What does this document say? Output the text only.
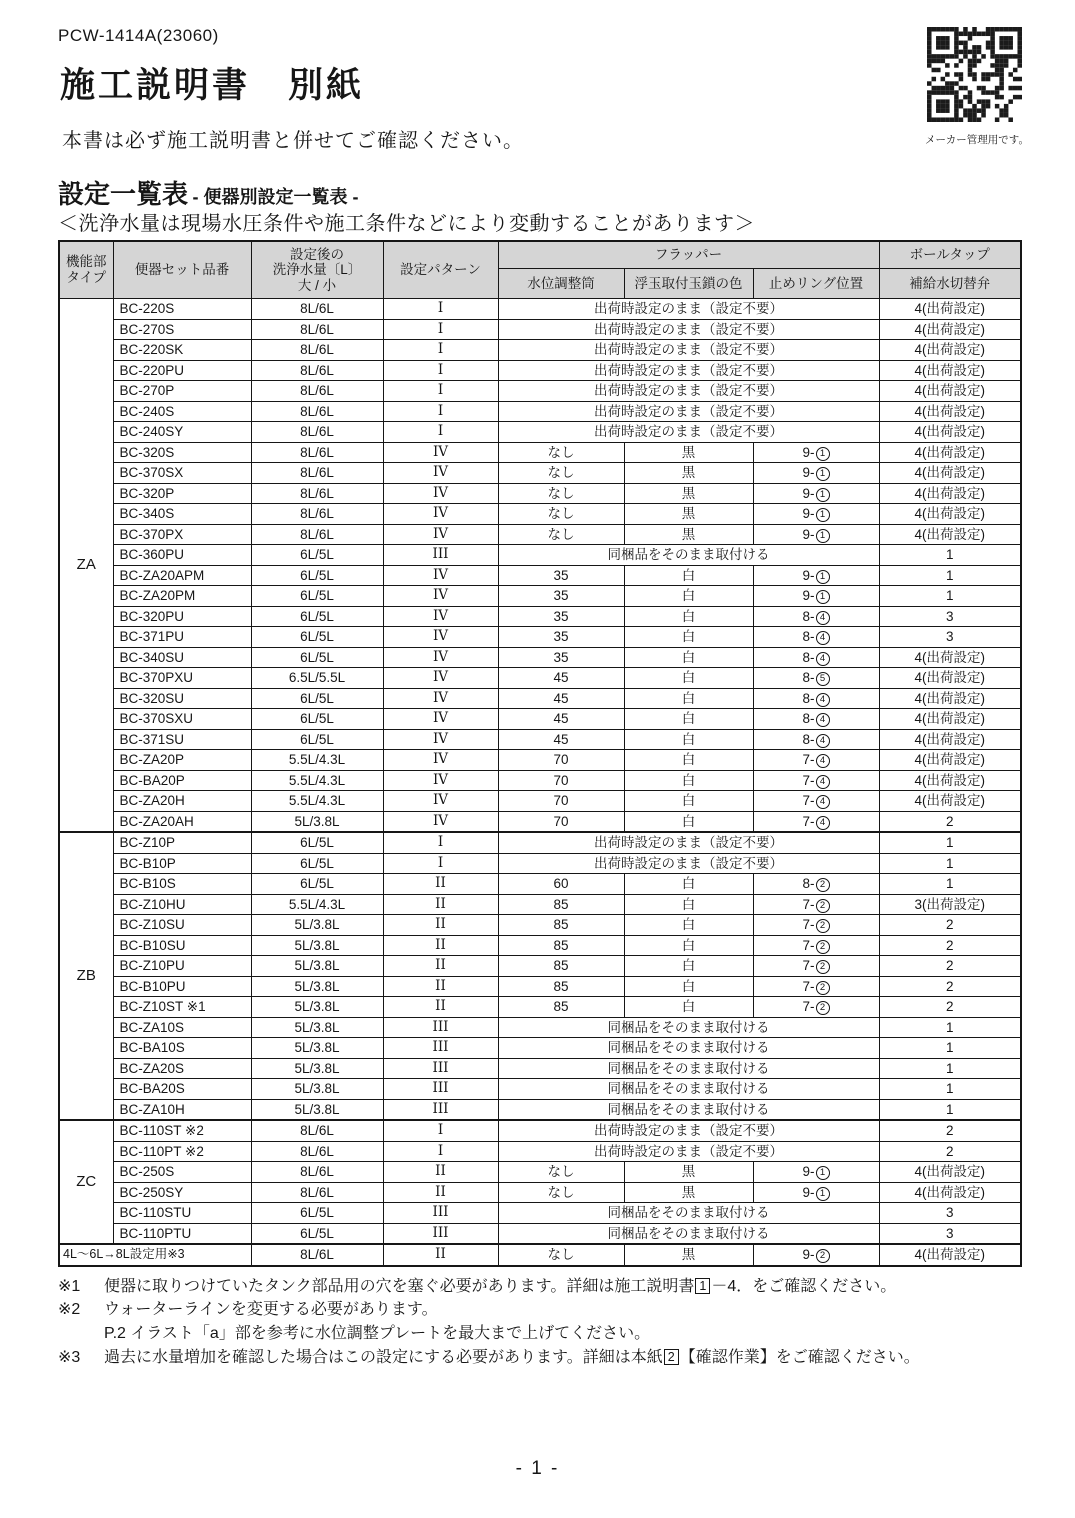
PCW-1414A(23060)
メーカー管理用です。
施工説明書　別紙
本書は必ず施工説明書と併せてご確認ください。
設定一覧表 - 便器別設定一覧表 -
＜洗浄水量は現場水圧条件や施工条件などにより変動することがあります＞
機能部
タイプ	便器セット品番	設定後の
洗浄水量〔L〕
大 / 小	設定パターン	フラッパー			ボールタップ
				水位調整筒	浮玉取付玉鎖の色	止めリング位置	補給水切替弁
ZA	BC-220S	8L/6L	I	出荷時設定のまま（設定不要）			4(出荷設定)
	BC-270S	8L/6L	I	出荷時設定のまま（設定不要）			4(出荷設定)
	BC-220SK	8L/6L	I	出荷時設定のまま（設定不要）			4(出荷設定)
	BC-220PU	8L/6L	I	出荷時設定のまま（設定不要）			4(出荷設定)
	BC-270P	8L/6L	I	出荷時設定のまま（設定不要）			4(出荷設定)
	BC-240S	8L/6L	I	出荷時設定のまま（設定不要）			4(出荷設定)
	BC-240SY	8L/6L	I	出荷時設定のまま（設定不要）			4(出荷設定)
	BC-320S	8L/6L	IV	なし	黒	9- 1	4(出荷設定)
	BC-370SX	8L/6L	IV	なし	黒	9- 1	4(出荷設定)
	BC-320P	8L/6L	IV	なし	黒	9- 1	4(出荷設定)
	BC-340S	8L/6L	IV	なし	黒	9- 1	4(出荷設定)
	BC-370PX	8L/6L	IV	なし	黒	9- 1	4(出荷設定)
	BC-360PU	6L/5L	III	同梱品をそのまま取付ける			1
	BC-ZA20APM	6L/5L	IV	35	白	9- 1	1
	BC-ZA20PM	6L/5L	IV	35	白	9- 1	1
	BC-320PU	6L/5L	IV	35	白	8- 4	3
	BC-371PU	6L/5L	IV	35	白	8- 4	3
	BC-340SU	6L/5L	IV	35	白	8- 4	4(出荷設定)
	BC-370PXU	6.5L/5.5L	IV	45	白	8- 5	4(出荷設定)
	BC-320SU	6L/5L	IV	45	白	8- 4	4(出荷設定)
	BC-370SXU	6L/5L	IV	45	白	8- 4	4(出荷設定)
	BC-371SU	6L/5L	IV	45	白	8- 4	4(出荷設定)
	BC-ZA20P	5.5L/4.3L	IV	70	白	7- 4	4(出荷設定)
	BC-BA20P	5.5L/4.3L	IV	70	白	7- 4	4(出荷設定)
	BC-ZA20H	5.5L/4.3L	IV	70	白	7- 4	4(出荷設定)
	BC-ZA20AH	5L/3.8L	IV	70	白	7- 4	2
ZB	BC-Z10P	6L/5L	I	出荷時設定のまま（設定不要）			1
	BC-B10P	6L/5L	I	出荷時設定のまま（設定不要）			1
	BC-B10S	6L/5L	II	60	白	8- 2	1
	BC-Z10HU	5.5L/4.3L	II	85	白	7- 2	3(出荷設定)
	BC-Z10SU	5L/3.8L	II	85	白	7- 2	2
	BC-B10SU	5L/3.8L	II	85	白	7- 2	2
	BC-Z10PU	5L/3.8L	II	85	白	7- 2	2
	BC-B10PU	5L/3.8L	II	85	白	7- 2	2
	BC-Z10ST ※1	5L/3.8L	II	85	白	7- 2	2
	BC-ZA10S	5L/3.8L	III	同梱品をそのまま取付ける			1
	BC-BA10S	5L/3.8L	III	同梱品をそのまま取付ける			1
	BC-ZA20S	5L/3.8L	III	同梱品をそのまま取付ける			1
	BC-BA20S	5L/3.8L	III	同梱品をそのまま取付ける			1
	BC-ZA10H	5L/3.8L	III	同梱品をそのまま取付ける			1
ZC	BC-110ST ※2	8L/6L	I	出荷時設定のまま（設定不要）			2
	BC-110PT ※2	8L/6L	I	出荷時設定のまま（設定不要）			2
	BC-250S	8L/6L	II	なし	黒	9- 1	4(出荷設定)
	BC-250SY	8L/6L	II	なし	黒	9- 1	4(出荷設定)
	BC-110STU	6L/5L	III	同梱品をそのまま取付ける			3
	BC-110PTU	6L/5L	III	同梱品をそのまま取付ける			3
4L～6L→8L設定用※3		8L/6L	II	なし	黒	9- 2	4(出荷設定)
※1	便器に取りつけていたタンク部品用の穴を塞ぐ必要があります。詳細は施工説明書 1 －4．をご確認ください。
※2	ウォーターラインを変更する必要があります。
P.2 イラスト「a」部を参考に水位調整プレートを最大まで上げてください。
※3	過去に水量増加を確認した場合はこの設定にする必要があります。詳細は本紙 2 【確認作業】をご確認ください。
- 1 -
